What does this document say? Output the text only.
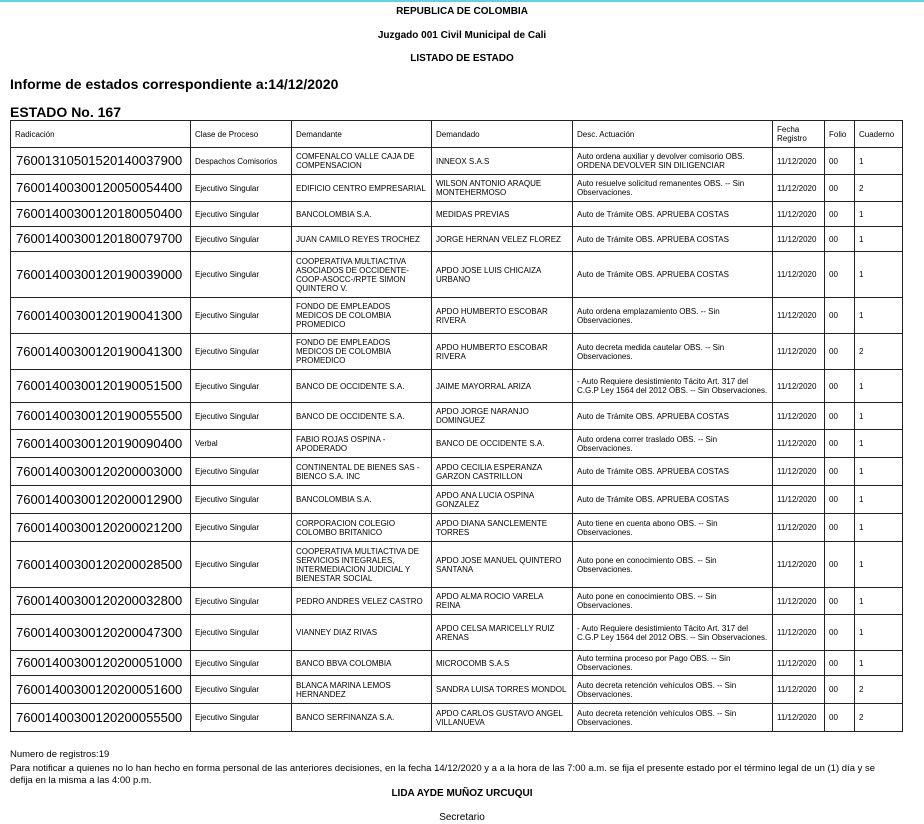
REPUBLICA DE COLOMBIA
Juzgado 001 Civil Municipal de Cali
LISTADO DE ESTADO
Informe de estados correspondiente a:14/12/2020
ESTADO No. 167
Radicación	Clase de Proceso	Demandante	Demandado	Desc. Actuación	Fecha Registro	Folio	Cuaderno
76001310501520140037900	Despachos Comisorios	COMFENALCO VALLE CAJA DE COMPENSACION	INNEOX S.A.S	Auto ordena auxiliar y devolver comisorio OBS. ORDENA DEVOLVER SIN DILIGENCIAR	11/12/2020	00	1
76001400300120050054400	Ejecutivo Singular	EDIFICIO CENTRO EMPRESARIAL	WILSON ANTONIO ARAQUE MONTEHERMOSO	Auto resuelve solicitud remanentes OBS. -- Sin Observaciones.	11/12/2020	00	2
76001400300120180050400	Ejecutivo Singular	BANCOLOMBIA S.A.	MEDIDAS PREVIAS	Auto de Trámite OBS. APRUEBA COSTAS	11/12/2020	00	1
76001400300120180079700	Ejecutivo Singular	JUAN CAMILO REYES TROCHEZ	JORGE HERNAN VELEZ FLOREZ	Auto de Trámite OBS. APRUEBA COSTAS	11/12/2020	00	1
76001400300120190039000	Ejecutivo Singular	COOPERATIVA MULTIACTIVA ASOCIADOS DE OCCIDENTE-COOP-ASOCC-/RPTE SIMON QUINTERO V.	APDO JOSE LUIS CHICAIZA URBANO	Auto de Trámite OBS. APRUEBA COSTAS	11/12/2020	00	1
76001400300120190041300	Ejecutivo Singular	FONDO DE EMPLEADOS MEDICOS DE COLOMBIA PROMEDICO	APDO HUMBERTO ESCOBAR RIVERA	Auto ordena emplazamiento OBS. -- Sin Observaciones.	11/12/2020	00	1
76001400300120190041300	Ejecutivo Singular	FONDO DE EMPLEADOS MEDICOS DE COLOMBIA PROMEDICO	APDO HUMBERTO ESCOBAR RIVERA	Auto decreta medida cautelar OBS. -- Sin Observaciones.	11/12/2020	00	2
76001400300120190051500	Ejecutivo Singular	BANCO DE OCCIDENTE S.A.	JAIME MAYORRAL ARIZA	- Auto Requiere desistimiento Tácito Art. 317 del C.G.P Ley 1564 del 2012 OBS. -- Sin Observaciones.	11/12/2020	00	1
76001400300120190055500	Ejecutivo Singular	BANCO DE OCCIDENTE S.A.	APDO JORGE NARANJO DOMINGUEZ	Auto de Trámite OBS. APRUEBA COSTAS	11/12/2020	00	1
76001400300120190090400	Verbal	FABIO ROJAS OSPINA - APODERADO	BANCO DE OCCIDENTE S.A.	Auto ordena correr traslado OBS. -- Sin Observaciones.	11/12/2020	00	1
76001400300120200003000	Ejecutivo Singular	CONTINENTAL DE BIENES SAS - BIENCO S.A. INC	APDO CECILIA ESPERANZA GARZON CASTRILLON	Auto de Trámite OBS. APRUEBA COSTAS	11/12/2020	00	1
76001400300120200012900	Ejecutivo Singular	BANCOLOMBIA S.A.	APDO ANA LUCIA OSPINA GONZALEZ	Auto de Trámite OBS. APRUEBA COSTAS	11/12/2020	00	1
76001400300120200021200	Ejecutivo Singular	CORPORACION COLEGIO COLOMBO BRITANICO	APDO DIANA SANCLEMENTE TORRES	Auto tiene en cuenta abono OBS. -- Sin Observaciones.	11/12/2020	00	1
76001400300120200028500	Ejecutivo Singular	COOPERATIVA MULTIACTIVA DE SERVICIOS INTEGRALES, INTERMEDIACION JUDICIAL Y BIENESTAR SOCIAL	APDO JOSE MANUEL QUINTERO SANTANA	Auto pone en conocimiento OBS. -- Sin Observaciones.	11/12/2020	00	1
76001400300120200032800	Ejecutivo Singular	PEDRO ANDRES VELEZ CASTRO	APDO ALMA ROCIO VARELA REINA	Auto pone en conocimiento OBS. -- Sin Observaciones.	11/12/2020	00	1
76001400300120200047300	Ejecutivo Singular	VIANNEY DIAZ RIVAS	APDO CELSA MARICELLY RUIZ ARENAS	- Auto Requiere desistimiento Tácito Art. 317 del C.G.P Ley 1564 del 2012 OBS. -- Sin Observaciones.	11/12/2020	00	1
76001400300120200051000	Ejecutivo Singular	BANCO BBVA COLOMBIA	MICROCOMB S.A.S	Auto termina proceso por Pago OBS. -- Sin Observaciones.	11/12/2020	00	1
76001400300120200051600	Ejecutivo Singular	BLANCA MARINA LEMOS HERNANDEZ	SANDRA LUISA TORRES MONDOL	Auto decreta retención vehículos OBS. -- Sin Observaciones.	11/12/2020	00	2
76001400300120200055500	Ejecutivo Singular	BANCO SERFINANZA S.A.	APDO CARLOS GUSTAVO ANGEL VILLANUEVA	Auto decreta retención vehículos OBS. -- Sin Observaciones.	11/12/2020	00	2
Numero de registros:19
Para notificar a quienes no lo han hecho en forma personal de las anteriores decisiones, en la fecha 14/12/2020 y a a la hora de las 7:00 a.m. se fija el presente estado por el término legal de un (1) día y se defija en la misma a las 4:00 p.m.
LIDA AYDE MUÑOZ URCUQUI
Secretario
